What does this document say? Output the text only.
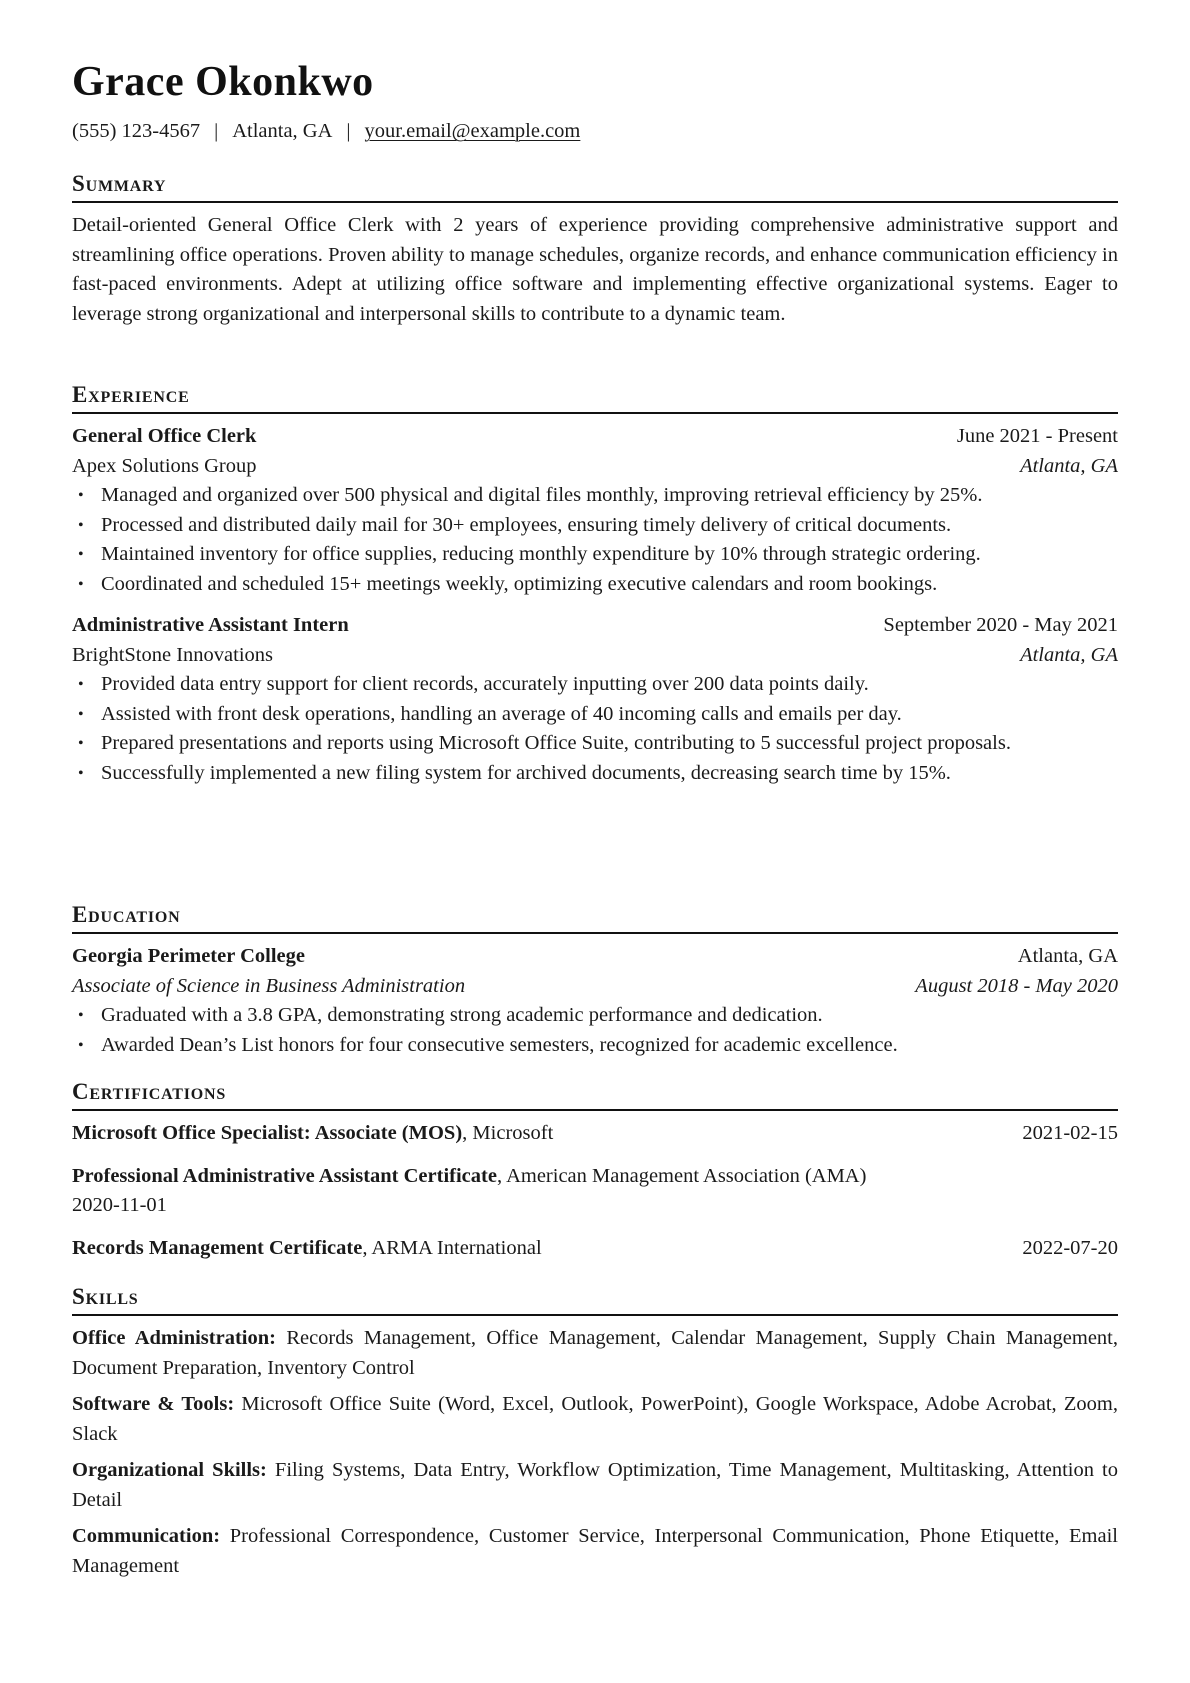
Grace Okonkwo
(555) 123-4567 | Atlanta, GA | your.email@example.com
Summary

Detail-oriented General Office Clerk with 2 years of experience providing comprehensive administrative support and streamlining office operations. Proven ability to manage schedules, organize records, and enhance communication efficiency in fast-paced environments. Adept at utilizing office software and implementing effective organizational systems. Eager to leverage strong organizational and interpersonal skills to contribute to a dynamic team.

Experience
General Office Clerk	June 2021 - Present
Apex Solutions Group	Atlanta, GA
• Managed and organized over 500 physical and digital files monthly, improving retrieval efficiency by 25%.
• Processed and distributed daily mail for 30+ employees, ensuring timely delivery of critical documents.
• Maintained inventory for office supplies, reducing monthly expenditure by 10% through strategic ordering.
• Coordinated and scheduled 15+ meetings weekly, optimizing executive calendars and room bookings.
Administrative Assistant Intern	September 2020 - May 2021
BrightStone Innovations	Atlanta, GA
• Provided data entry support for client records, accurately inputting over 200 data points daily.
• Assisted with front desk operations, handling an average of 40 incoming calls and emails per day.
• Prepared presentations and reports using Microsoft Office Suite, contributing to 5 successful project proposals.
• Successfully implemented a new filing system for archived documents, decreasing search time by 15%.
Education
Georgia Perimeter College	Atlanta, GA
Associate of Science in Business Administration	August 2018 - May 2020
• Graduated with a 3.8 GPA, demonstrating strong academic performance and dedication.
• Awarded Dean’s List honors for four consecutive semesters, recognized for academic excellence.
Certifications
Microsoft Office Specialist: Associate (MOS), Microsoft	2021-02-15
Professional Administrative Assistant Certificate, American Management Association (AMA)
2020-11-01
Records Management Certificate, ARMA International	2022-07-20
Skills
Office Administration: Records Management, Office Management, Calendar Management, Supply Chain Management, Document Preparation, Inventory Control
Software & Tools: Microsoft Office Suite (Word, Excel, Outlook, PowerPoint), Google Workspace, Adobe Acrobat, Zoom, Slack
Organizational Skills: Filing Systems, Data Entry, Workflow Optimization, Time Management, Multitasking, Attention to Detail
Communication: Professional Correspondence, Customer Service, Interpersonal Communication, Phone Etiquette, Email Management
